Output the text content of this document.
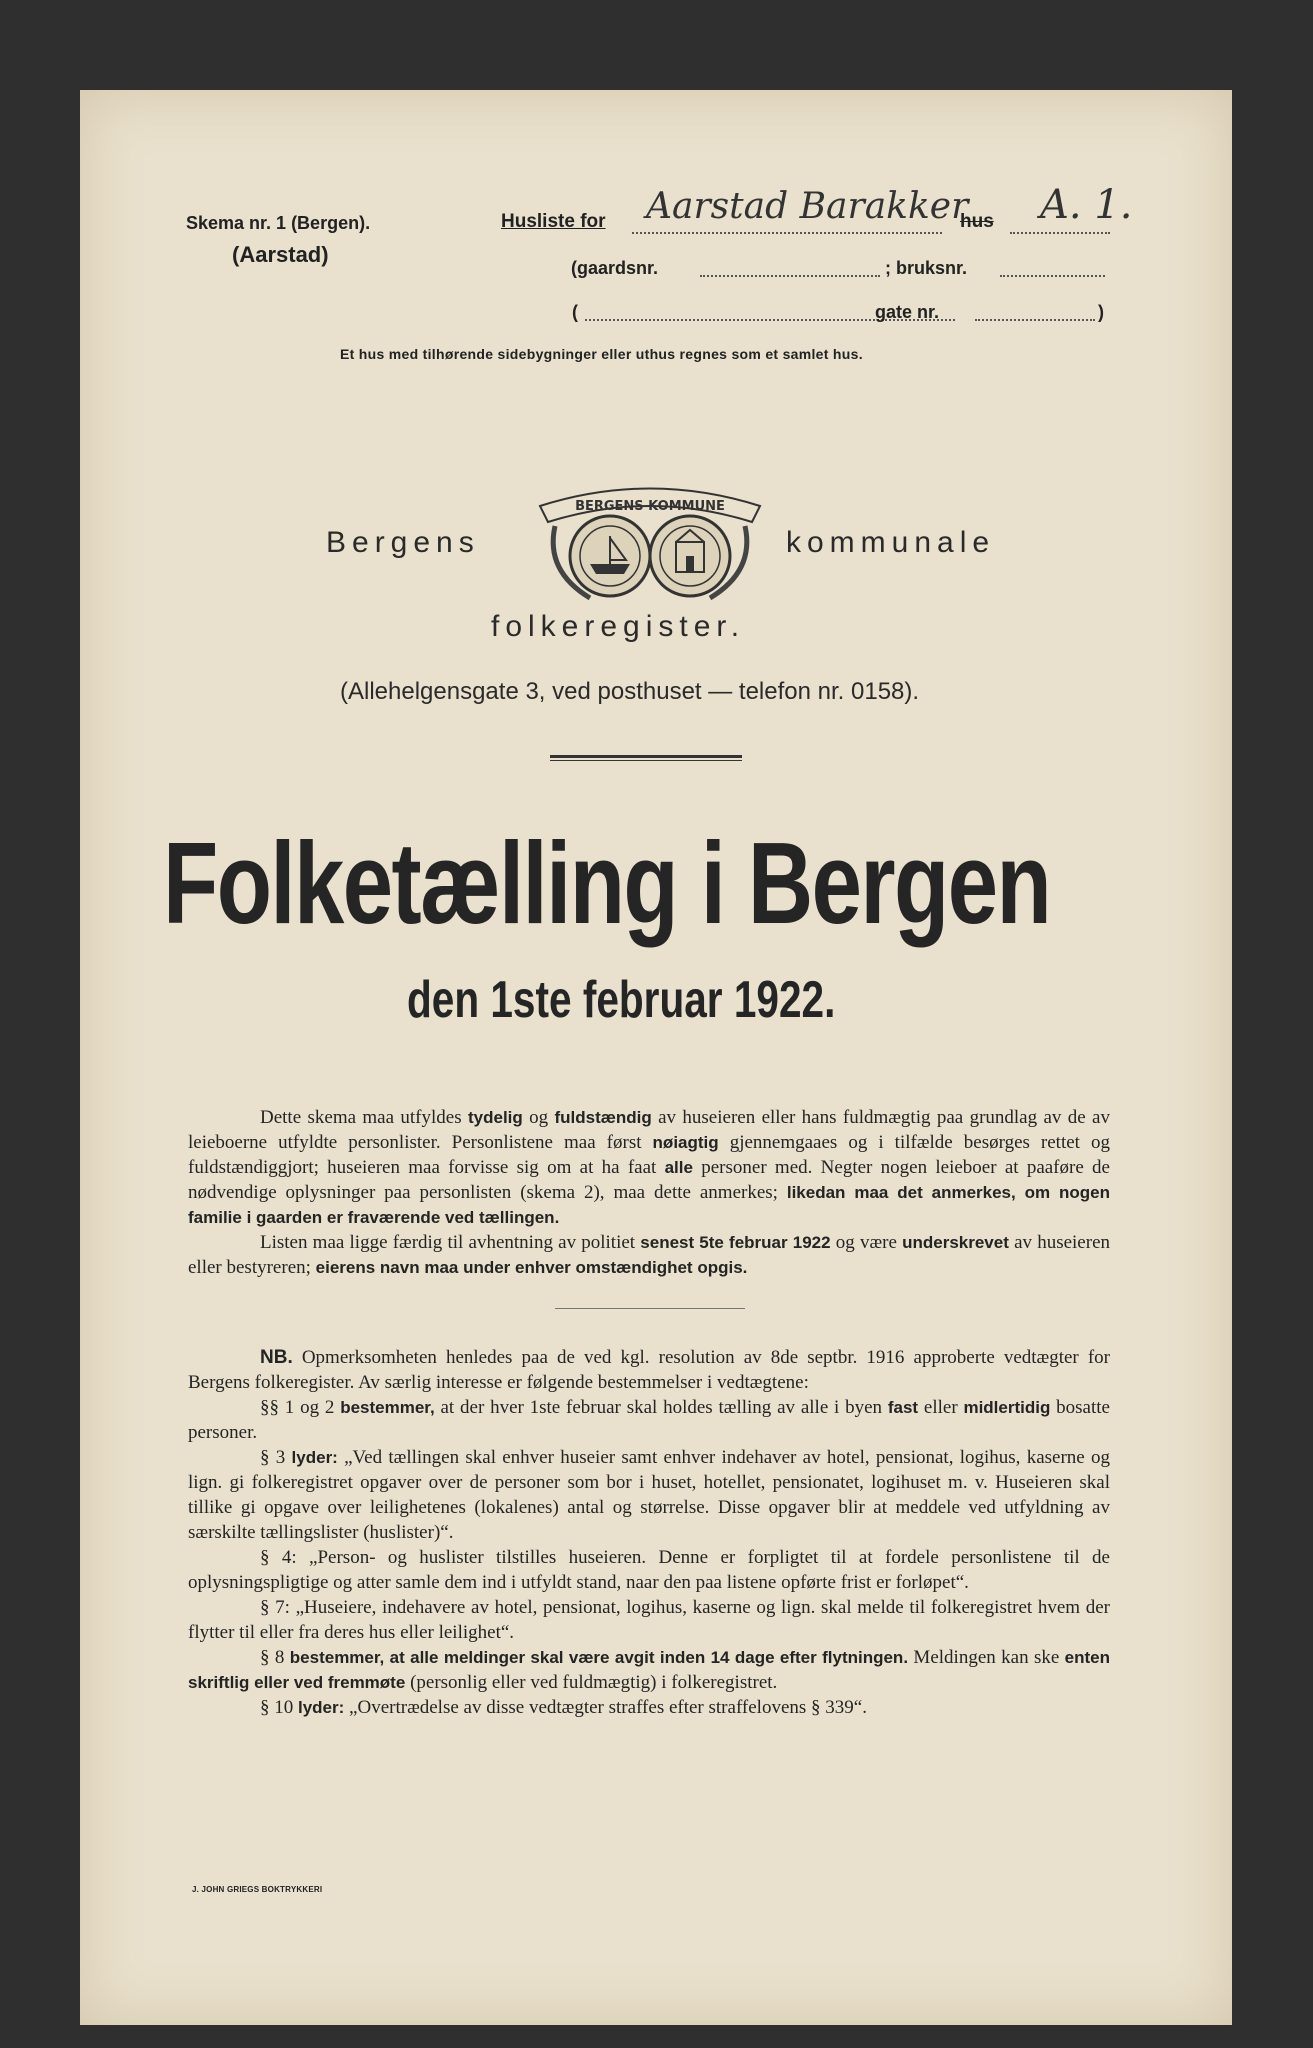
Skema nr. 1 (Bergen).	Husliste for Aarstad Barakker
hus A. 1.
(Aarstad)
(gaardsnr.	; bruksnr.
(	gate nr.	)
Et hus med tilhørende sidebygninger eller uthus regnes som et samlet hus.
BERGENS KOMMUNE
Bergens	kommunale
folkeregister.
(Allehelgensgate 3, ved posthuset — telefon nr. 0158).
Folketælling i Bergen
den 1ste februar 1922.

Dette skema maa utfyldes tydelig og fuldstændig av huseieren eller hans fuldmægtig paa grundlag av de av leieboerne utfyldte personlister. Personlistene maa først nøiagtig gjennemgaaes og i tilfælde besørges rettet og fuldstændiggjort; huseieren maa forvisse sig om at ha faat alle personer med. Negter nogen leieboer at paaføre de nødvendige oplysninger paa personlisten (skema 2), maa dette anmerkes; likedan maa det anmerkes, om nogen familie i gaarden er fraværende ved tællingen.

Listen maa ligge færdig til avhentning av politiet senest 5te februar 1922 og være underskrevet av huseieren eller bestyreren; eierens navn maa under enhver omstændighet opgis.

NB. Opmerksomheten henledes paa de ved kgl. resolution av 8de septbr. 1916 approberte vedtægter for Bergens folkeregister. Av særlig interesse er følgende bestemmelser i vedtægtene:

§§ 1 og 2 bestemmer, at der hver 1ste februar skal holdes tælling av alle i byen fast eller midlertidig bosatte personer.

§ 3 lyder: „Ved tællingen skal enhver huseier samt enhver indehaver av hotel, pensionat, logihus, kaserne og lign. gi folkeregistret opgaver over de personer som bor i huset, hotellet, pensionatet, logihuset m. v. Huseieren skal tillike gi opgave over leilighetenes (lokalenes) antal og størrelse. Disse opgaver blir at meddele ved utfyldning av særskilte tællingslister (huslister)“.

§ 4: „Person- og huslister tilstilles huseieren. Denne er forpligtet til at fordele personlistene til de oplysningspligtige og atter samle dem ind i utfyldt stand, naar den paa listene opførte frist er forløpet“.

§ 7: „Huseiere, indehavere av hotel, pensionat, logihus, kaserne og lign. skal melde til folkeregistret hvem der flytter til eller fra deres hus eller leilighet“.

§ 8 bestemmer, at alle meldinger skal være avgit inden 14 dage efter flytningen. Meldingen kan ske enten skriftlig eller ved fremmøte (personlig eller ved fuldmægtig) i folkeregistret.

§ 10 lyder: „Overtrædelse av disse vedtægter straffes efter straffelovens § 339“.

J. JOHN GRIEGS BOKTRYKKERI
